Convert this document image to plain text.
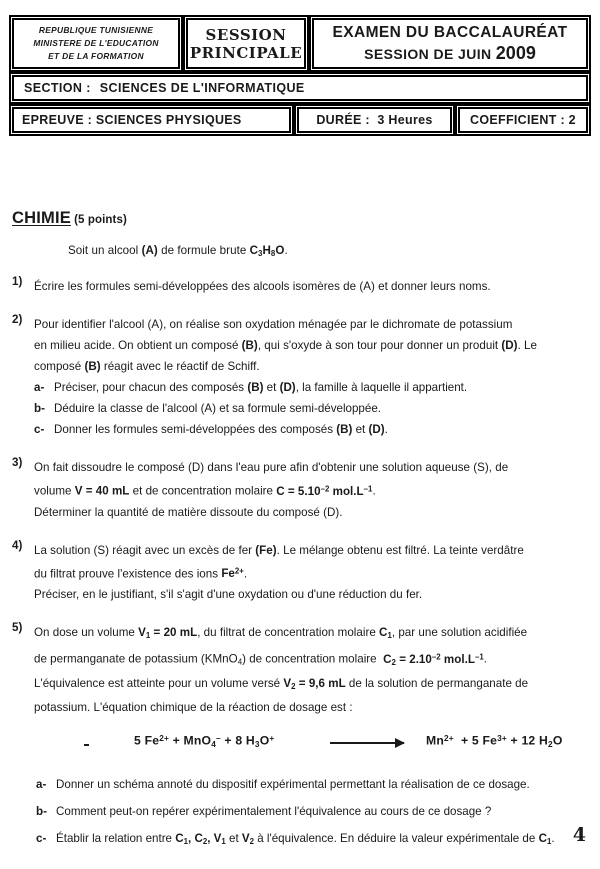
REPUBLIQUE TUNISIENNE
MINISTERE DE L'EDUCATION
ET DE LA FORMATION
SESSION
PRINCIPALE
EXAMEN DU BACCALAURÉAT
SESSION DE JUIN 2009
SECTION : SCIENCES DE L'INFORMATIQUE
EPREUVE : SCIENCES PHYSIQUES	DURÉE : 3 Heures	COEFFICIENT : 2
CHIMIE (5 points)
Soit un alcool (A) de formule brute $C_3H_8O$.
1) Écrire les formules semi-développées des alcools isomères de (A) et donner leurs noms.
2) Pour identifier l'alcool (A), on réalise son oxydation ménagée par le dichromate de potassium
en milieu acide. On obtient un composé (B), qui s'oxyde à son tour pour donner un produit (D). Le
composé (B) réagit avec le réactif de Schiff.
a- Préciser, pour chacun des composés (B) et (D), la famille à laquelle il appartient.
b- Déduire la classe de l'alcool (A) et sa formule semi-développée.
c- Donner les formules semi-développées des composés (B) et (D).
3) On fait dissoudre le composé (D) dans l'eau pure afin d'obtenir une solution aqueuse (S), de
volume V = 40 mL et de concentration molaire $C = 5.10^{-2}$ $mol.L^{-1}$.
Déterminer la quantité de matière dissoute du composé (D).
4) La solution (S) réagit avec un excès de fer (Fe). Le mélange obtenu est filtré. La teinte verdâtre
du filtrat prouve l'existence des ions $Fe^{2+}$.
Préciser, en le justifiant, s'il s'agit d'une oxydation ou d'une réduction du fer.
5) On dose un volume $V_1 = 20$ mL, du filtrat de concentration molaire $C_1$, par une solution acidifiée
de permanganate de potassium (KMnO$_4$) de concentration molaire  $C_2 = 2.10^{-2}$ $mol.L^{-1}$.
L'équivalence est atteinte pour un volume versé $V_2 = 9,6$ mL de la solution de permanganate de
potassium. L'équation chimique de la réaction de dosage est :
5 $Fe^{2+} + MnO_4^- + 8$ $H_3O^+$	$Mn^{2+} + 5$ $Fe^{3+} + 12$ $H_2O$
a- Donner un schéma annoté du dispositif expérimental permettant la réalisation de ce dosage.
b- Comment peut-on repérer expérimentalement l'équivalence au cours de ce dosage ?
c- Établir la relation entre $C_1$, $C_2$, $V_1$ et $V_2$ à l'équivalence. En déduire la valeur expérimentale de $C_1$. 4
